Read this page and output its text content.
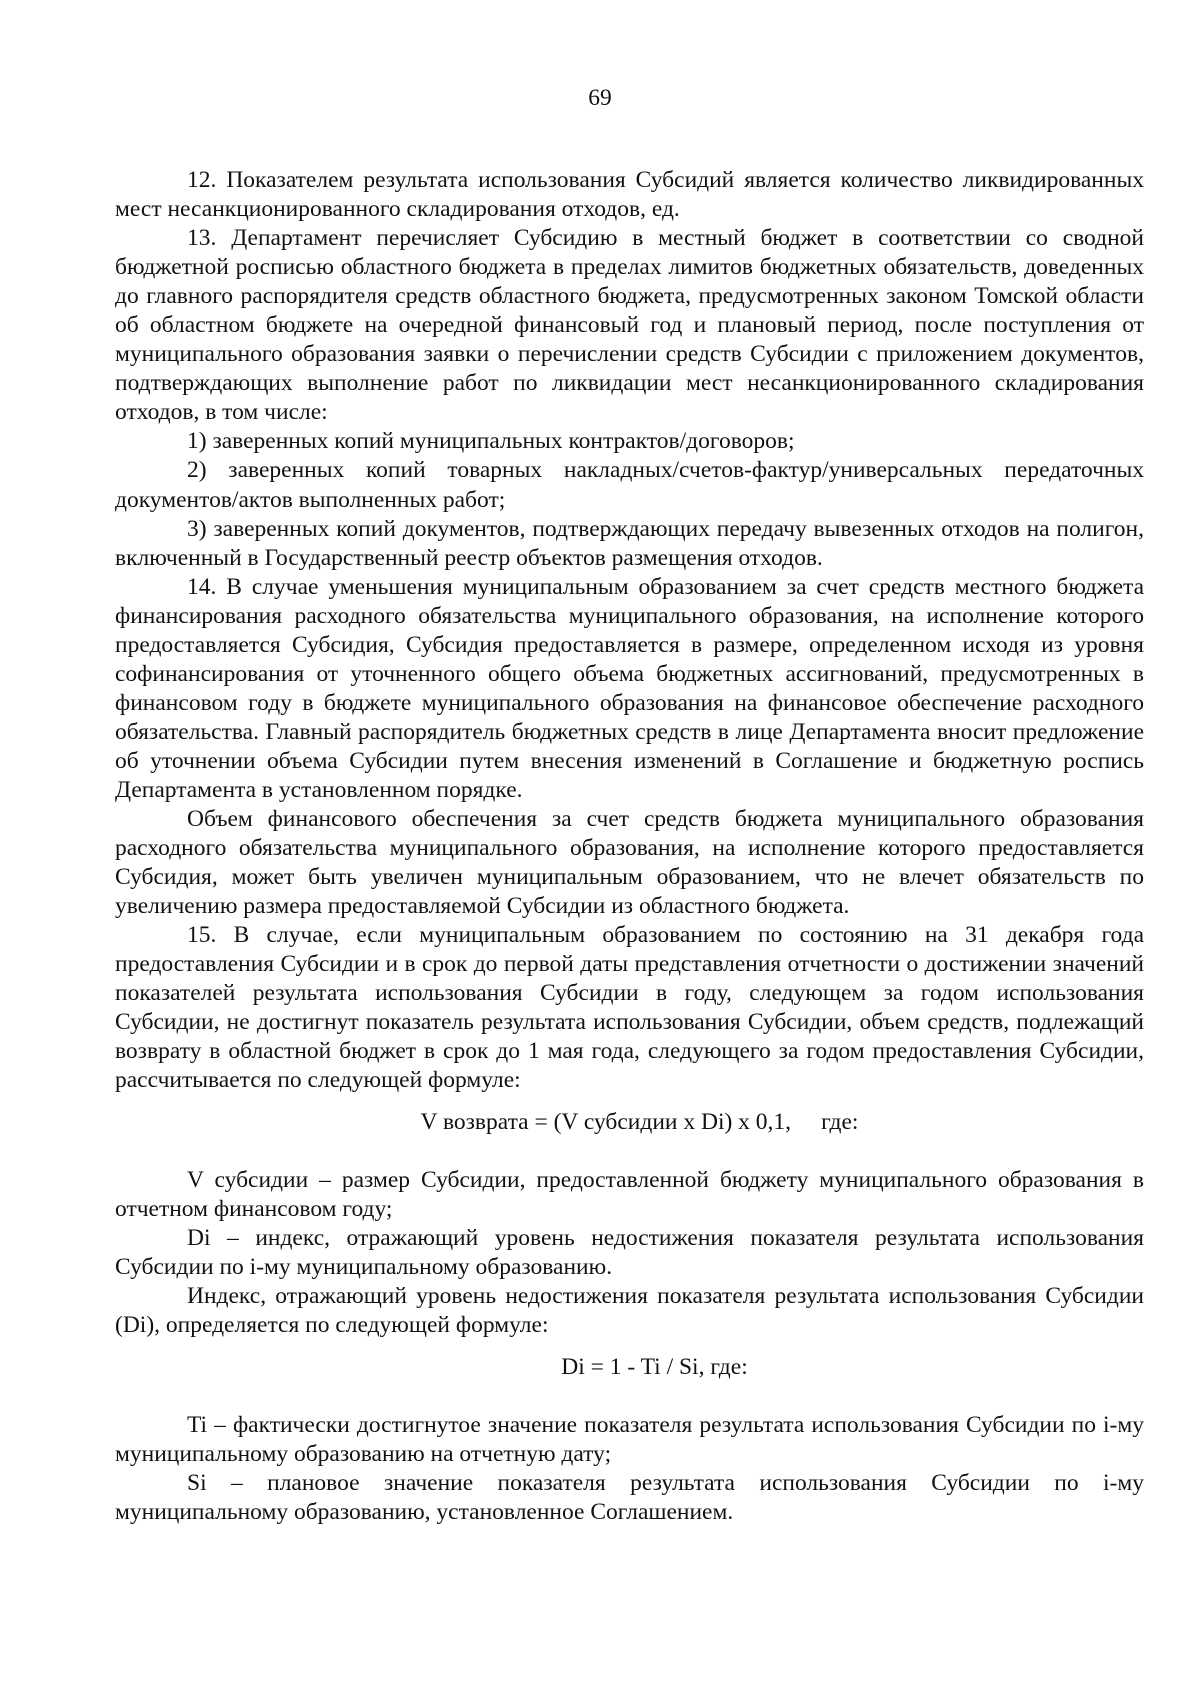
69

12. Показателем результата использования Субсидий является количество ликвидированных мест несанкционированного складирования отходов, ед.

13. Департамент перечисляет Субсидию в местный бюджет в соответствии со сводной бюджетной росписью областного бюджета в пределах лимитов бюджетных обязательств, доведенных до главного распорядителя средств областного бюджета, предусмотренных законом Томской области об областном бюджете на очередной финансовый год и плановый период, после поступления от муниципального образования заявки о перечислении средств Субсидии с приложением документов, подтверждающих выполнение работ по ликвидации мест несанкционированного складирования отходов, в том числе:

1) заверенных копий муниципальных контрактов/договоров;

2) заверенных копий товарных накладных/счетов-фактур/универсальных передаточных документов/актов выполненных работ;

3) заверенных копий документов, подтверждающих передачу вывезенных отходов на полигон, включенный в Государственный реестр объектов размещения отходов.

14. В случае уменьшения муниципальным образованием за счет средств местного бюджета финансирования расходного обязательства муниципального образования, на исполнение которого предоставляется Субсидия, Субсидия предоставляется в размере, определенном исходя из уровня софинансирования от уточненного общего объема бюджетных ассигнований, предусмотренных в финансовом году в бюджете муниципального образования на финансовое обеспечение расходного обязательства. Главный распорядитель бюджетных средств в лице Департамента вносит предложение об уточнении объема Субсидии путем внесения изменений в Соглашение и бюджетную роспись Департамента в установленном порядке.

Объем финансового обеспечения за счет средств бюджета муниципального образования расходного обязательства муниципального образования, на исполнение которого предоставляется Субсидия, может быть увеличен муниципальным образованием, что не влечет обязательств по увеличению размера предоставляемой Субсидии из областного бюджета.

15. В случае, если муниципальным образованием по состоянию на 31 декабря года предоставления Субсидии и в срок до первой даты представления отчетности о достижении значений показателей результата использования Субсидии в году, следующем за годом использования Субсидии, не достигнут показатель результата использования Субсидии, объем средств, подлежащий возврату в областной бюджет в срок до 1 мая года, следующего за годом предоставления Субсидии, рассчитывается по следующей формуле:

V возврата = (V субсидии x Di) x 0,1, где:

V субсидии – размер Субсидии, предоставленной бюджету муниципального образования в отчетном финансовом году;

Di – индекс, отражающий уровень недостижения показателя результата использования Субсидии по i-му муниципальному образованию.

Индекс, отражающий уровень недостижения показателя результата использования Субсидии (Di), определяется по следующей формуле:

Di = 1 - Ti / Si, где:

Ti – фактически достигнутое значение показателя результата использования Субсидии по i-му муниципальному образованию на отчетную дату;

Si – плановое значение показателя результата использования Субсидии по i-му муниципальному образованию, установленное Соглашением.
